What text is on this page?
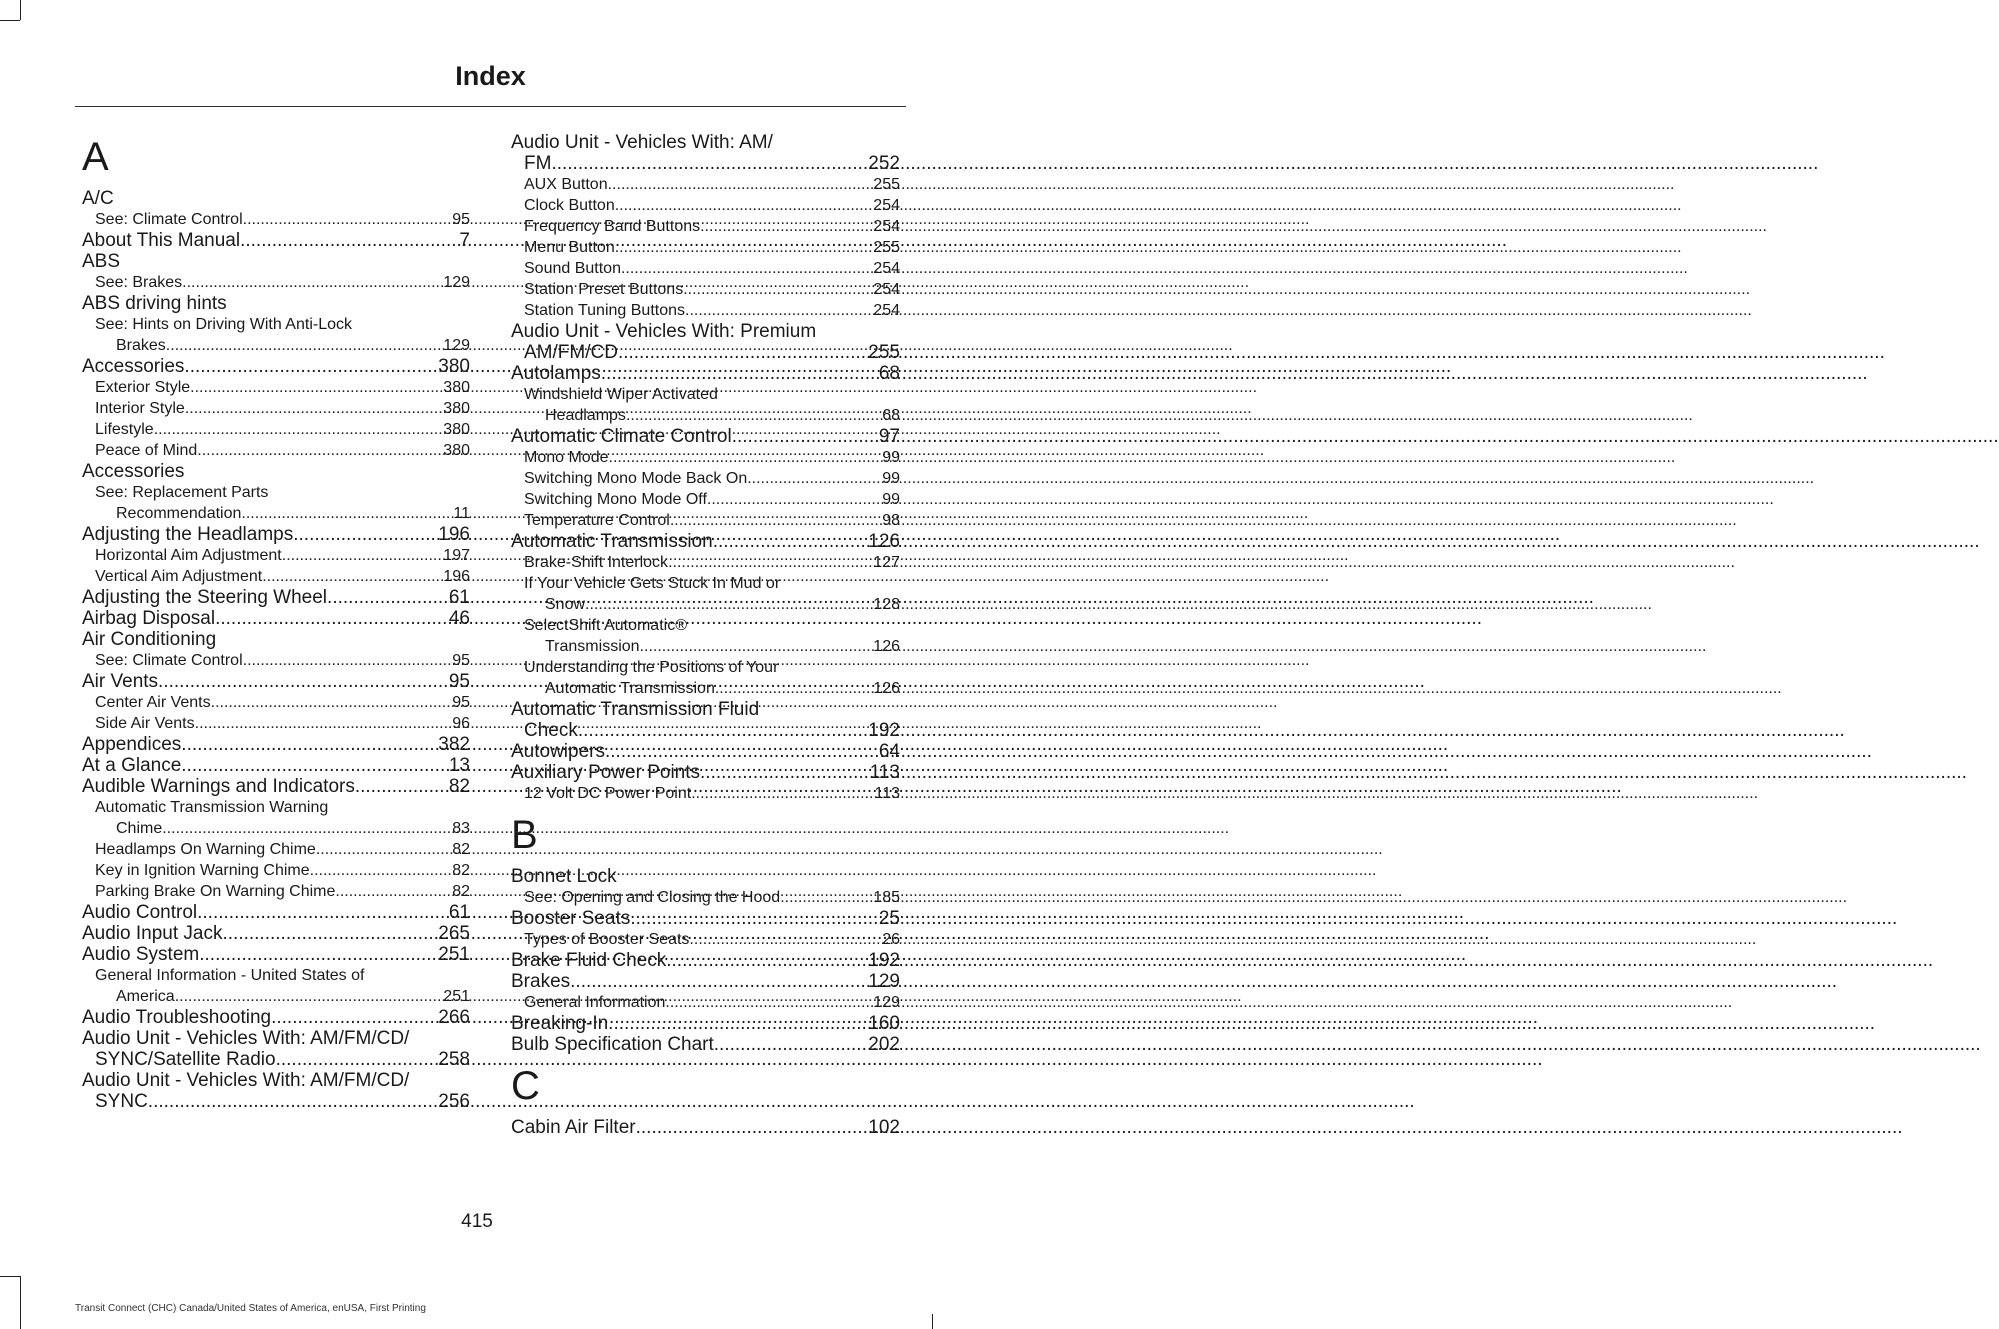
Index
A
A/C
See: Climate Control .....	95
About This Manual .....	7
ABS
See: Brakes .....	129
ABS driving hints
See: Hints on Driving With Anti-Lock
Brakes .....	129
Accessories .....	380
Exterior Style .....	380
Interior Style .....	380
Lifestyle .....	380
Peace of Mind .....	380
Accessories
See: Replacement Parts
Recommendation .....	11
Adjusting the Headlamps .....	196
Horizontal Aim Adjustment .....	197
Vertical Aim Adjustment .....	196
Adjusting the Steering Wheel .....	61
Airbag Disposal .....	46
Air Conditioning
See: Climate Control .....	95
Air Vents .....	95
Center Air Vents .....	95
Side Air Vents .....	96
Appendices .....	382
At a Glance .....	13
Audible Warnings and Indicators .....	82
Automatic Transmission Warning
Chime .....	83
Headlamps On Warning Chime .....	82
Key in Ignition Warning Chime .....	82
Parking Brake On Warning Chime .....	82
Audio Control .....	61
Audio Input Jack .....	265
Audio System .....	251
General Information - United States of
America .....	251
Audio Troubleshooting .....	266
Audio Unit - Vehicles With: AM/FM/CD/
SYNC/Satellite Radio .....	258
Audio Unit - Vehicles With: AM/FM/CD/
SYNC .....	256
Audio Unit - Vehicles With: AM/
FM .....	252
AUX Button .....	255
Clock Button .....	254
Frequency Band Buttons .....	254
Menu Button .....	255
Sound Button .....	254
Station Preset Buttons .....	254
Station Tuning Buttons .....	254
Audio Unit - Vehicles With: Premium
AM/FM/CD .....	255
Autolamps .....	68
Windshield Wiper Activated
Headlamps .....	68
Automatic Climate Control .....	97
Mono Mode .....	99
Switching Mono Mode Back On .....	99
Switching Mono Mode Off .....	99
Temperature Control .....	98
Automatic Transmission .....	126
Brake-Shift Interlock .....	127
If Your Vehicle Gets Stuck In Mud or
Snow .....	128
SelectShift Automatic®
Transmission .....	126
Understanding the Positions of Your
Automatic Transmission .....	126
Automatic Transmission Fluid
Check .....	192
Autowipers .....	64
Auxiliary Power Points .....	113
12 Volt DC Power Point .....	113
B
Bonnet Lock
See: Opening and Closing the Hood .....	185
Booster Seats .....	25
Types of Booster Seats .....	26
Brake Fluid Check .....	192
Brakes .....	129
General Information .....	129
Breaking-In .....	160
Bulb Specification Chart .....	202
C
Cabin Air Filter .....	102
415
Transit Connect (CHC) Canada/United States of America, enUSA, First Printing
